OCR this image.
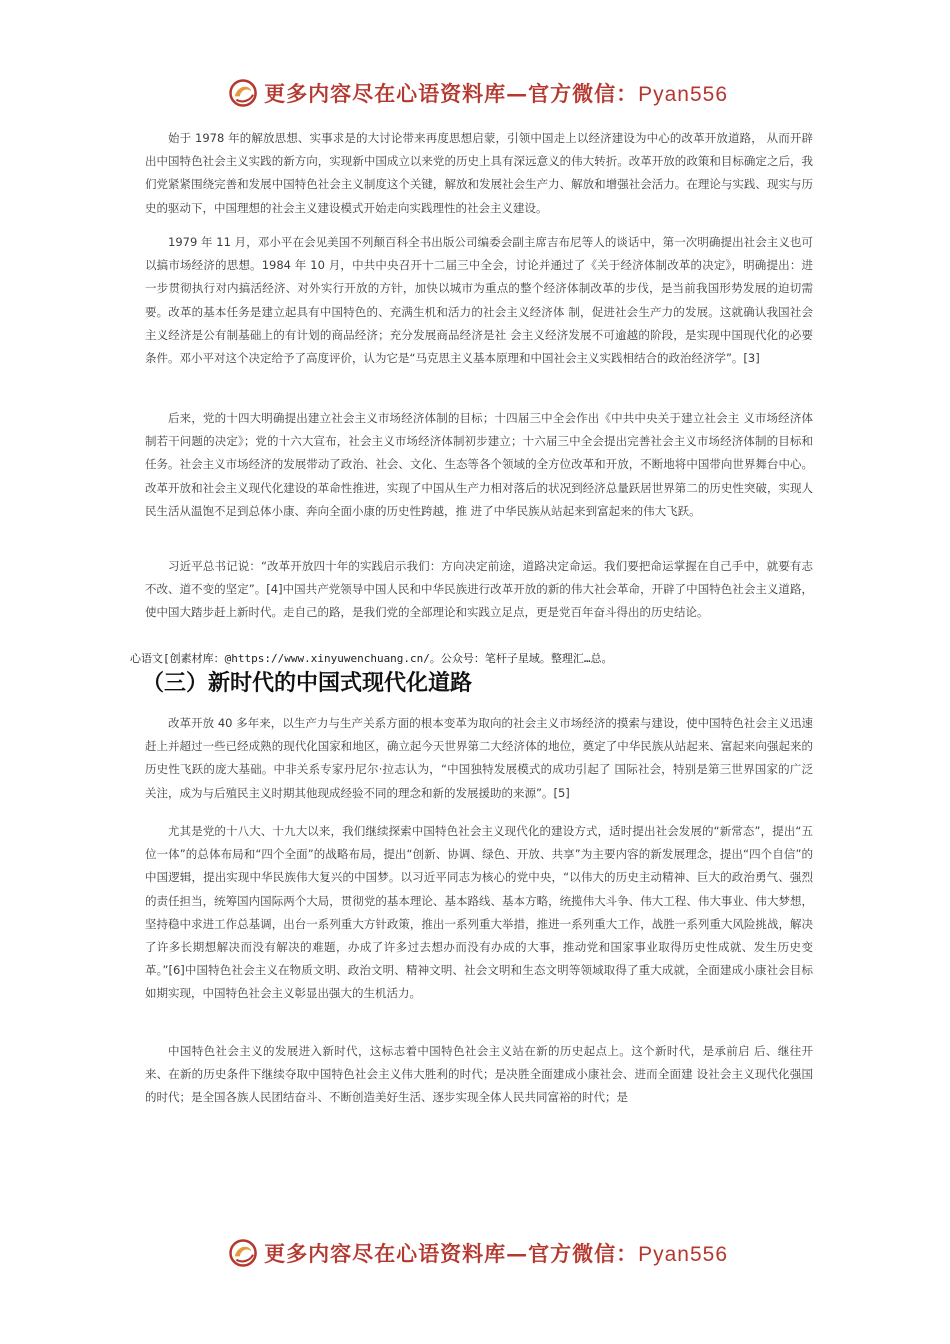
更多内容尽在心语资料库—官方微信：Pyan556

始于 1978 年的解放思想、实事求是的大讨论带来再度思想启蒙，引领中国走上以经济建设为中心的改革开放道路， 从而开辟出中国特色社会主义实践的新方向，实现新中国成立以来党的历史上具有深远意义的伟大转折。改革开放的政策和目标确定之后，我们党紧紧围绕完善和发展中国特色社会主义制度这个关键，解放和发展社会生产力、解放和增强社会活力。在理论与实践、现实与历史的驱动下，中国理想的社会主义建设模式开始走向实践理性的社会主义建设。

1979 年 11 月，邓小平在会见美国不列颠百科全书出版公司编委会副主席吉布尼等人的谈话中，第一次明确提出社会主义也可以搞市场经济的思想。1984 年 10 月，中共中央召开十二届三中全会，讨论并通过了《关于经济体制改革的决定》，明确提出：进一步贯彻执行对内搞活经济、对外实行开放的方针，加快以城市为重点的整个经济体制改革的步伐，是当前我国形势发展的迫切需要。改革的基本任务是建立起具有中国特色的、充满生机和活力的社会主义经济体 制，促进社会生产力的发展。这就确认我国社会主义经济是公有制基础上的有计划的商品经济；充分发展商品经济是社 会主义经济发展不可逾越的阶段，是实现中国现代化的必要条件。邓小平对这个决定给予了高度评价，认为它是“马克思主义基本原理和中国社会主义实践相结合的政治经济学”。[3]

后来，党的十四大明确提出建立社会主义市场经济体制的目标；十四届三中全会作出《中共中央关于建立社会主 义市场经济体制若干问题的决定》；党的十六大宣布，社会主义市场经济体制初步建立；十六届三中全会提出完善社会主义市场经济体制的目标和任务。社会主义市场经济的发展带动了政治、社会、文化、生态等各个领域的全方位改革和开放，不断地将中国带向世界舞台中心。改革开放和社会主义现代化建设的革命性推进，实现了中国从生产力相对落后的状况到经济总量跃居世界第二的历史性突破，实现人民生活从温饱不足到总体小康、奔向全面小康的历史性跨越，推 进了中华民族从站起来到富起来的伟大飞跃。

习近平总书记说：“改革开放四十年的实践启示我们：方向决定前途，道路决定命运。我们要把命运掌握在自己手中，就要有志不改、道不变的坚定”。[4]中国共产党领导中国人民和中华民族进行改革开放的新的伟大社会革命，开辟了中国特色社会主义道路，使中国大踏步赶上新时代。走自己的路，是我们党的全部理论和实践立足点，更是党百年奋斗得出的历史结论。

心语文[创素材库：@https://www.xinyuwenchuang.cn/。公众号：笔杆子星域。整理汇…总。
（三）新时代的中国式现代化道路

改革开放 40 多年来，以生产力与生产关系方面的根本变革为取向的社会主义市场经济的摸索与建设，使中国特色社会主义迅速赶上并超过一些已经成熟的现代化国家和地区，确立起今天世界第二大经济体的地位，奠定了中华民族从站起来、富起来向强起来的历史性飞跃的庞大基础。中非关系专家丹尼尔·拉志认为，“中国独特发展模式的成功引起了 国际社会，特别是第三世界国家的广泛关注，成为与后殖民主义时期其他现成经验不同的理念和新的发展援助的来源”。[5]

尤其是党的十八大、十九大以来，我们继续探索中国特色社会主义现代化的建设方式，适时提出社会发展的“新常态”，提出“五位一体”的总体布局和“四个全面”的战略布局，提出“创新、协调、绿色、开放、共享”为主要内容的新发展理念，提出“四个自信”的中国逻辑，提出实现中华民族伟大复兴的中国梦。以习近平同志为核心的党中央，“以伟大的历史主动精神、巨大的政治勇气、强烈的责任担当，统筹国内国际两个大局，贯彻党的基本理论、基本路线、基本方略，统揽伟大斗争、伟大工程、伟大事业、伟大梦想，坚持稳中求进工作总基调，出台一系列重大方针政策，推出一系列重大举措，推进一系列重大工作，战胜一系列重大风险挑战，解决了许多长期想解决而没有解决的难题，办成了许多过去想办而没有办成的大事，推动党和国家事业取得历史性成就、发生历史变革。”[6]中国特色社会主义在物质文明、政治文明、精神文明、社会文明和生态文明等领域取得了重大成就，全面建成小康社会目标如期实现，中国特色社会主义彰显出强大的生机活力。

中国特色社会主义的发展进入新时代，这标志着中国特色社会主义站在新的历史起点上。这个新时代，是承前启 后、继往开来、在新的历史条件下继续夺取中国特色社会主义伟大胜利的时代；是决胜全面建成小康社会、进而全面建 设社会主义现代化强国的时代；是全国各族人民团结奋斗、不断创造美好生活、逐步实现全体人民共同富裕的时代；是

更多内容尽在心语资料库—官方微信：Pyan556
